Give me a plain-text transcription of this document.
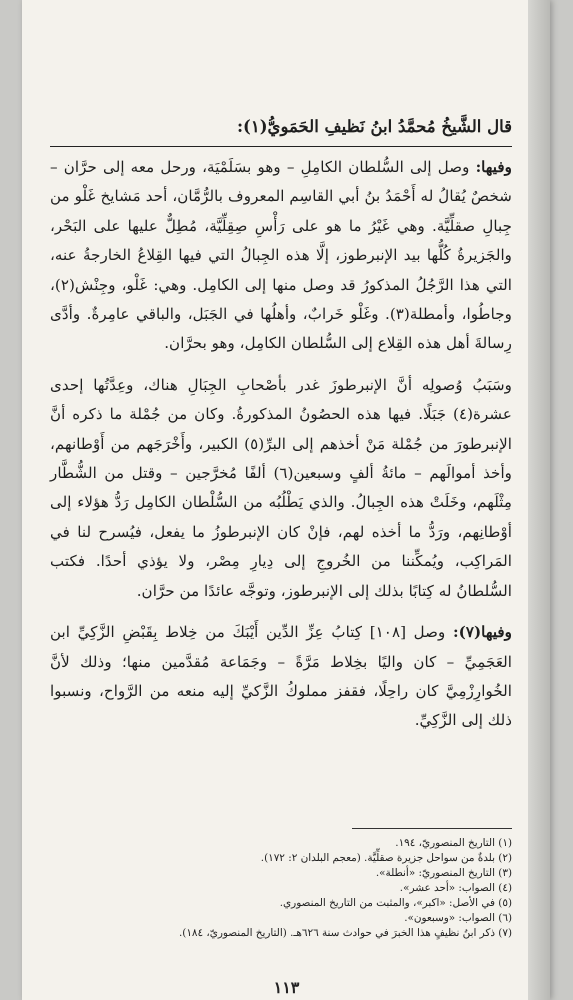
قال الشَّيخُ مُحمَّدُ ابنُ نَظيفِ الحَمَويُّ(١):

وفيها: وصل إلى السُّلطان الكامِلِ – وهو بسَلَمْيَة، ورحل معه إلى حرَّان – شخصٌ يُقالُ له أَحْمَدُ بنُ أبي القاسِم المعروف بالرُّمَّان، أحد مَشايخ غَلْو من جِبالِ صقلِّيَّة. وهي غَيْرُ ما هو على رَأْسِ صِقِلِّيَّة، مُطِلٌّ عليها على البَحْر، والجَزيرةُ كُلُّها بيد الإنبرطوز، إلَّا هذه الجِبالُ التي فيها القِلاعُ الخارجةُ عنه، التي هذا الرَّجُلُ المذكورُ قد وصل منها إلى الكامِل. وهي: غَلْو، وجِنْش(٢)، وجاطُوا، وأمطلة(٣). وغَلْو خَرابٌ، وأهلُها في الجَبَل، والباقي عامِرةٌ. وأدَّى رِسالةَ أهل هذه القِلاع إلى السُّلطان الكامِل، وهو بحرَّان.

وسَبَبُ وُصولِه أنَّ الإنبرطوزَ غدر بأصْحابِ الجِبَالِ هناك، وعِدَّتُها إحدى عشرة(٤) جَبَلًا. فيها هذه الحصُونُ المذكورةُ. وكان من جُمْلة ما ذكره أنَّ الإنبرطورَ من جُمْلة مَنْ أخذهم إلى البرِّ(٥) الكبير، وأَخْرَجَهم من أَوْطانهم، وأخذ أموالَهم – مائةُ ألفٍ وسبعين(٦) ألفًا مُخرَّجين – وقتل من الشُّطَّار مِثْلَهم، وخَلَتْ هذه الجِبالُ. والذي يَطْلُبُه من السُّلْطان الكامِل رَدُّ هؤلاء إلى أوْطانِهم، ورَدُّ ما أخذه لهم، فإنْ كان الإنبرطوزُ ما يفعل، فيُسرح لنا في المَراكِب، ويُمكِّننا من الخُروجِ إلى دِيارِ مِصْر، ولا يؤذي أحدًا. فكتب السُّلطانُ له كِتابًا بذلك إلى الإنبرطوز، وتوجَّه عائدًا من حرَّان.

وفيها(٧): وصل [١٠٨] كِتابُ عِزِّ الدِّين أَيْبَكَ من خِلاط بِقَبْضِ الزَّكِيِّ ابن العَجَمِيِّ – كان واليًا بخِلاط مَرَّةً – وجَمَاعة مُقدَّمين منها؛ وذلك لأنَّ الخُوارِزْمِيَّ كان راحِلًا، فقفز مملوكُ الزَّكيِّ إليه منعه من الرَّواح، ونسبوا ذلك إلى الزَّكِيِّ.

(١) التاريخ المنصوريّ، ١٩٤.
(٢) بلدةٌ من سواحل جزيرة صقلِّيَّة. (معجم البلدان ٢: ١٧٢).
(٣) التاريخ المنصوريّ: «أنطلة».
(٤) الصواب: «أحد عشر».
(٥) في الأصل: «اكبر»، والمثبت من التاريخ المنصوري.
(٦) الصواب: «وسبعون».
(٧) ذكر ابنُ نظيفٍ هذا الخبرَ في حوادث سنة ٦٢٦هـ. (التاريخ المنصوريّ، ١٨٤).
١١٣
